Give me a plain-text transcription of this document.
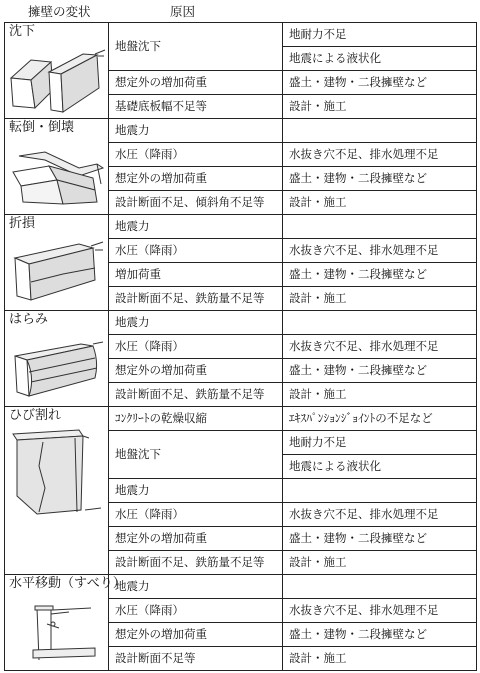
擁壁の変状	原因
沈下	地盤沈下	地耐力不足
		地震による液状化
	想定外の増加荷重	盛土・建物・二段擁壁など
	基礎底板幅不足等	設計・施工

転倒・倒壊	地震力	
	水圧（降雨）	水抜き穴不足、排水処理不足
	想定外の増加荷重	盛土・建物・二段擁壁など
	設計断面不足、傾斜角不足等	設計・施工

折損	地震力	
	水圧（降雨）	水抜き穴不足、排水処理不足
	増加荷重	盛土・建物・二段擁壁など
	設計断面不足、鉄筋量不足等	設計・施工

はらみ	地震力	
	水圧（降雨）	水抜き穴不足、排水処理不足
	想定外の増加荷重	盛土・建物・二段擁壁など
	設計断面不足、鉄筋量不足等	設計・施工

ひび割れ	ｺﾝｸﾘｰﾄの乾燥収縮	ｴｷｽﾊﾟﾝｼｮﾝｼﾞｮｲﾝﾄの不足など
	地盤沈下	地耐力不足
		地震による液状化
	地震力	
	水圧（降雨）	水抜き穴不足、排水処理不足
	想定外の増加荷重	盛土・建物・二段擁壁など
	設計断面不足、鉄筋量不足等	設計・施工

水平移動（すべり）	地震力	
	水圧（降雨）	水抜き穴不足、排水処理不足
	想定外の増加荷重	盛土・建物・二段擁壁など
	設計断面不足等	設計・施工
